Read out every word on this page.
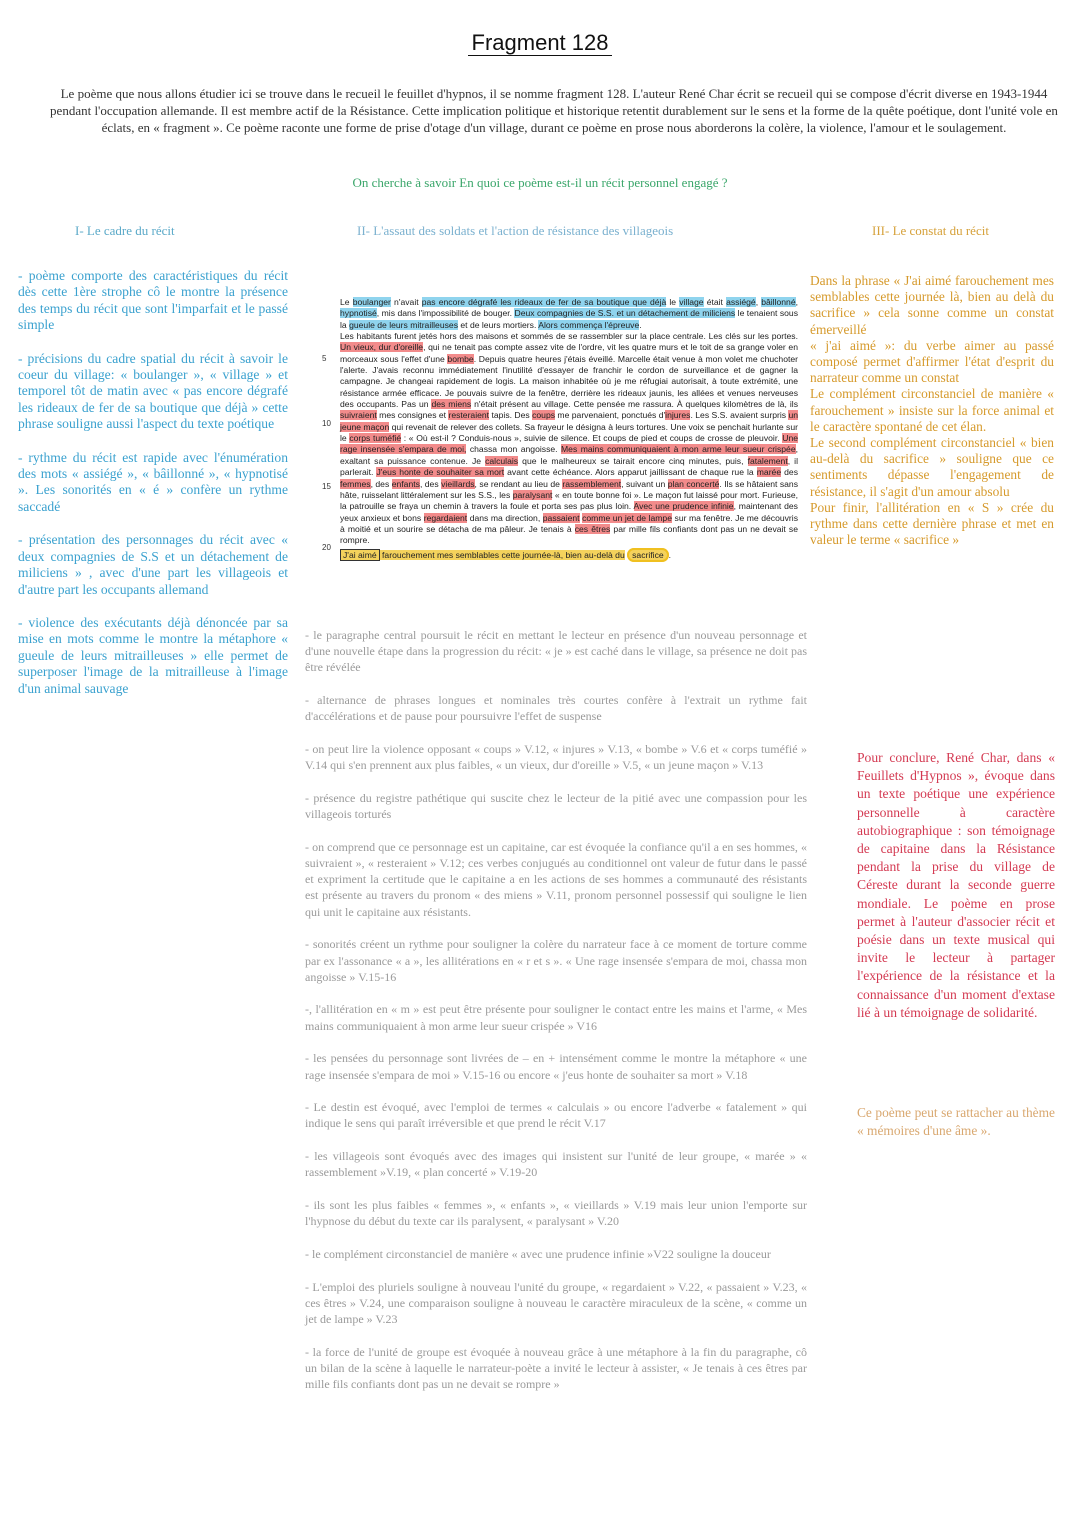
Fragment 128
Le poème que nous allons étudier ici se trouve dans le recueil le feuillet d'hypnos, il se nomme fragment 128. L'auteur René Char écrit se recueil qui se compose d'écrit diverse en 1943-1944 pendant l'occupation allemande. Il est membre actif de la Résistance. Cette implication politique et historique retentit durablement sur le sens et la forme de la quête poétique, dont l'unité vole en éclats, en « fragment ». Ce poème raconte une forme de prise d'otage d'un village, durant ce poème en prose nous aborderons la colère, la violence, l'amour et le soulagement.
On cherche à savoir En quoi ce poème est-il un récit personnel engagé ?
I- Le cadre du récit	II- L'assaut des soldats et l'action de résistance des villageois	III- Le constat du récit

- poème comporte des caractéristiques du récit dès cette 1ère strophe cô le montre la présence des temps du récit que sont l'imparfait et le passé simple

- précisions du cadre spatial du récit à savoir le coeur du village: « boulanger », « village » et temporel tôt de matin avec « pas encore dégrafé les rideaux de fer de sa boutique que déjà » cette phrase souligne aussi l'aspect du texte poétique

- rythme du récit est rapide avec l'énumération des mots « assiégé », « bâillonné », « hypnotisé ». Les sonorités en « é » confère un rythme saccadé

- présentation des personnages du récit avec « deux compagnies de S.S et un détachement de miliciens » , avec d'une part les villageois et d'autre part les occupants allemand

- violence des exécutants déjà dénoncée par sa mise en mots comme le montre la métaphore « gueule de leurs mitrailleuses » elle permet de superposer l'image de la mitrailleuse à l'image d'un animal sauvage

5
10
15
20

Le boulanger n'avait pas encore dégrafé les rideaux de fer de sa boutique que déjà le village était assiégé, bâillonné, hypnotisé, mis dans l'impossibilité de bouger. Deux compagnies de S.S. et un détachement de miliciens le tenaient sous la gueule de leurs mitrailleuses et de leurs mortiers. Alors commença l'épreuve.

Les habitants furent jetés hors des maisons et sommés de se rassembler sur la place centrale. Les clés sur les portes. Un vieux, dur d'oreille, qui ne tenait pas compte assez vite de l'ordre, vit les quatre murs et le toit de sa grange voler en morceaux sous l'effet d'une bombe. Depuis quatre heures j'étais éveillé. Marcelle était venue à mon volet me chuchoter l'alerte. J'avais reconnu immédiatement l'inutilité d'essayer de franchir le cordon de surveillance et de gagner la campagne. Je changeai rapidement de logis. La maison inhabitée où je me réfugiai autorisait, à toute extrémité, une résistance armée efficace. Je pouvais suivre de la fenêtre, derrière les rideaux jaunis, les allées et venues nerveuses des occupants. Pas un des miens n'était présent au village. Cette pensée me rassura. À quelques kilomètres de là, ils suivraient mes consignes et resteraient tapis. Des coups me parvenaient, ponctués d'injures. Les S.S. avaient surpris un jeune maçon qui revenait de relever des collets. Sa frayeur le désigna à leurs tortures. Une voix se penchait hurlante sur le corps tuméfié : « Où est-il ? Conduis-nous », suivie de silence. Et coups de pied et coups de crosse de pleuvoir. Une rage insensée s'empara de moi, chassa mon angoisse. Mes mains communiquaient à mon arme leur sueur crispée, exaltant sa puissance contenue. Je calculais que le malheureux se tairait encore cinq minutes, puis, fatalement, il parlerait. J'eus honte de souhaiter sa mort avant cette échéance. Alors apparut jaillissant de chaque rue la marée des femmes, des enfants, des vieillards, se rendant au lieu de rassemblement, suivant un plan concerté. Ils se hâtaient sans hâte, ruisselant littéralement sur les S.S., les paralysant « en toute bonne foi ». Le maçon fut laissé pour mort. Furieuse, la patrouille se fraya un chemin à travers la foule et porta ses pas plus loin. Avec une prudence infinie, maintenant des yeux anxieux et bons regardaient dans ma direction, passaient comme un jet de lampe sur ma fenêtre. Je me découvris à moitié et un sourire se détacha de ma pâleur. Je tenais à ces êtres par mille fils confiants dont pas un ne devait se rompre.

J'ai aimé farouchement mes semblables cette journée-là, bien au-delà du sacrifice .

- le paragraphe central poursuit le récit en mettant le lecteur en présence d'un nouveau personnage et d'une nouvelle étape dans la progression du récit: « je » est caché dans le village, sa présence ne doit pas être révélée

- alternance de phrases longues et nominales très courtes confère à l'extrait un rythme fait d'accélérations et de pause pour poursuivre l'effet de suspense

- on peut lire la violence opposant « coups » V.12, « injures » V.13, « bombe » V.6 et « corps tuméfié » V.14 qui s'en prennent aux plus faibles, « un vieux, dur d'oreille » V.5, « un jeune maçon » V.13

- présence du registre pathétique qui suscite chez le lecteur de la pitié avec une compassion pour les villageois torturés

- on comprend que ce personnage est un capitaine, car est évoquée la confiance qu'il a en ses hommes, « suivraient », « resteraient » V.12; ces verbes conjugués au conditionnel ont valeur de futur dans le passé et expriment la certitude que le capitaine a en les actions de ses hommes a communauté des résistants est présente au travers du pronom « des miens » V.11, pronom personnel possessif qui souligne le lien qui unit le capitaine aux résistants.

- sonorités créent un rythme pour souligner la colère du narrateur face à ce moment de torture comme par ex l'assonance « a », les allitérations en « r et s ». « Une rage insensée s'empara de moi, chassa mon angoisse » V.15-16

-, l'allitération en « m » est peut être présente pour souligner le contact entre les mains et l'arme, « Mes mains communiquaient à mon arme leur sueur crispée » V16

- les pensées du personnage sont livrées de – en + intensément comme le montre la métaphore « une rage insensée s'empara de moi » V.15-16 ou encore « j'eus honte de souhaiter sa mort » V.18

- Le destin est évoqué, avec l'emploi de termes « calculais » ou encore l'adverbe « fatalement » qui indique le sens qui paraît irréversible et que prend le récit V.17

- les villageois sont évoqués avec des images qui insistent sur l'unité de leur groupe, « marée » « rassemblement »V.19, « plan concerté » V.19-20

- ils sont les plus faibles « femmes », « enfants », « vieillards » V.19 mais leur union l'emporte sur l'hypnose du début du texte car ils paralysent, « paralysant » V.20

- le complément circonstanciel de manière « avec une prudence infinie »V22 souligne la douceur

- L'emploi des pluriels souligne à nouveau l'unité du groupe, « regardaient » V.22, « passaient » V.23, « ces êtres » V.24, une comparaison souligne à nouveau le caractère miraculeux de la scène, « comme un jet de lampe » V.23

- la force de l'unité de groupe est évoquée à nouveau grâce à une métaphore à la fin du paragraphe, cô un bilan de la scène à laquelle le narrateur-poète a invité le lecteur à assister, « Je tenais à ces êtres par mille fils confiants dont pas un ne devait se rompre »

Dans la phrase « J'ai aimé farouchement mes semblables cette journée là, bien au delà du sacrifice » cela sonne comme un constat émerveillé

« j'ai aimé »: du verbe aimer au passé composé permet d'affirmer l'état d'esprit du narrateur comme un constat

Le complément circonstanciel de manière « farouchement » insiste sur la force animal et le caractère spontané de cet élan.

Le second complément circonstanciel « bien au-delà du sacrifice » souligne que ce sentiments dépasse l'engagement de résistance, il s'agit d'un amour absolu

Pour finir, l'allitération en « S » crée du rythme dans cette dernière phrase et met en valeur le terme « sacrifice »

Pour conclure, René Char, dans « Feuillets d'Hypnos », évoque dans un texte poétique une expérience personnelle à caractère autobiographique : son témoignage de capitaine dans la Résistance pendant la prise du village de Céreste durant la seconde guerre mondiale. Le poème en prose permet à l'auteur d'associer récit et poésie dans un texte musical qui invite le lecteur à partager l'expérience de la résistance et la connaissance d'un moment d'extase lié à un témoignage de solidarité.
Ce poème peut se rattacher au thème « mémoires d'une âme ».
